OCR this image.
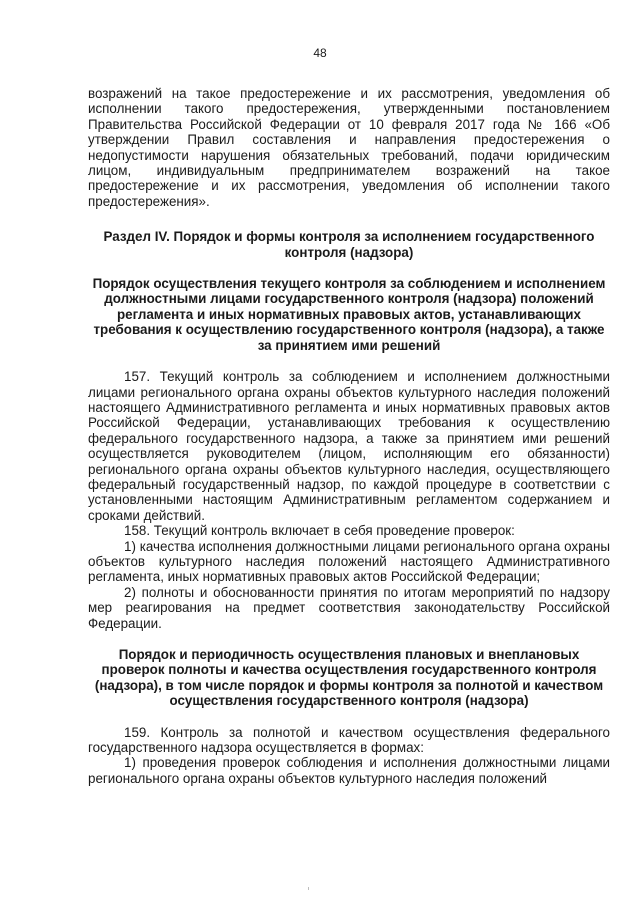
48

возражений на такое предостережение и их рассмотрения, уведомления об исполнении такого предостережения, утвержденными постановлением Правительства Российской Федерации от 10 февраля 2017 года № 166 «Об утверждении Правил составления и направления предостережения о недопустимости нарушения обязательных требований, подачи юридическим лицом, индивидуальным предпринимателем возражений на такое предостережение и их рассмотрения, уведомления об исполнении такого предостережения».

Раздел IV. Порядок и формы контроля за исполнением государственного контроля (надзора)
Порядок осуществления текущего контроля за соблюдением и исполнением должностными лицами государственного контроля (надзора) положений регламента и иных нормативных правовых актов, устанавливающих требования к осуществлению государственного контроля (надзора), а также за принятием ими решений

157. Текущий контроль за соблюдением и исполнением должностными лицами регионального органа охраны объектов культурного наследия положений настоящего Административного регламента и иных нормативных правовых актов Российской Федерации, устанавливающих требования к осуществлению федерального государственного надзора, а также за принятием ими решений осуществляется руководителем (лицом, исполняющим его обязанности) регионального органа охраны объектов культурного наследия, осуществляющего федеральный государственный надзор, по каждой процедуре в соответствии с установленными настоящим Административным регламентом содержанием и сроками действий.

158. Текущий контроль включает в себя проведение проверок:

1) качества исполнения должностными лицами регионального органа охраны объектов культурного наследия положений настоящего Административного регламента, иных нормативных правовых актов Российской Федерации;

2) полноты и обоснованности принятия по итогам мероприятий по надзору мер реагирования на предмет соответствия законодательству Российской Федерации.

Порядок и периодичность осуществления плановых и внеплановых проверок полноты и качества осуществления государственного контроля (надзора), в том числе порядок и формы контроля за полнотой и качеством осуществления государственного контроля (надзора)

159. Контроль за полнотой и качеством осуществления федерального государственного надзора осуществляется в формах:

1) проведения проверок соблюдения и исполнения должностными лицами регионального органа охраны объектов культурного наследия положений
